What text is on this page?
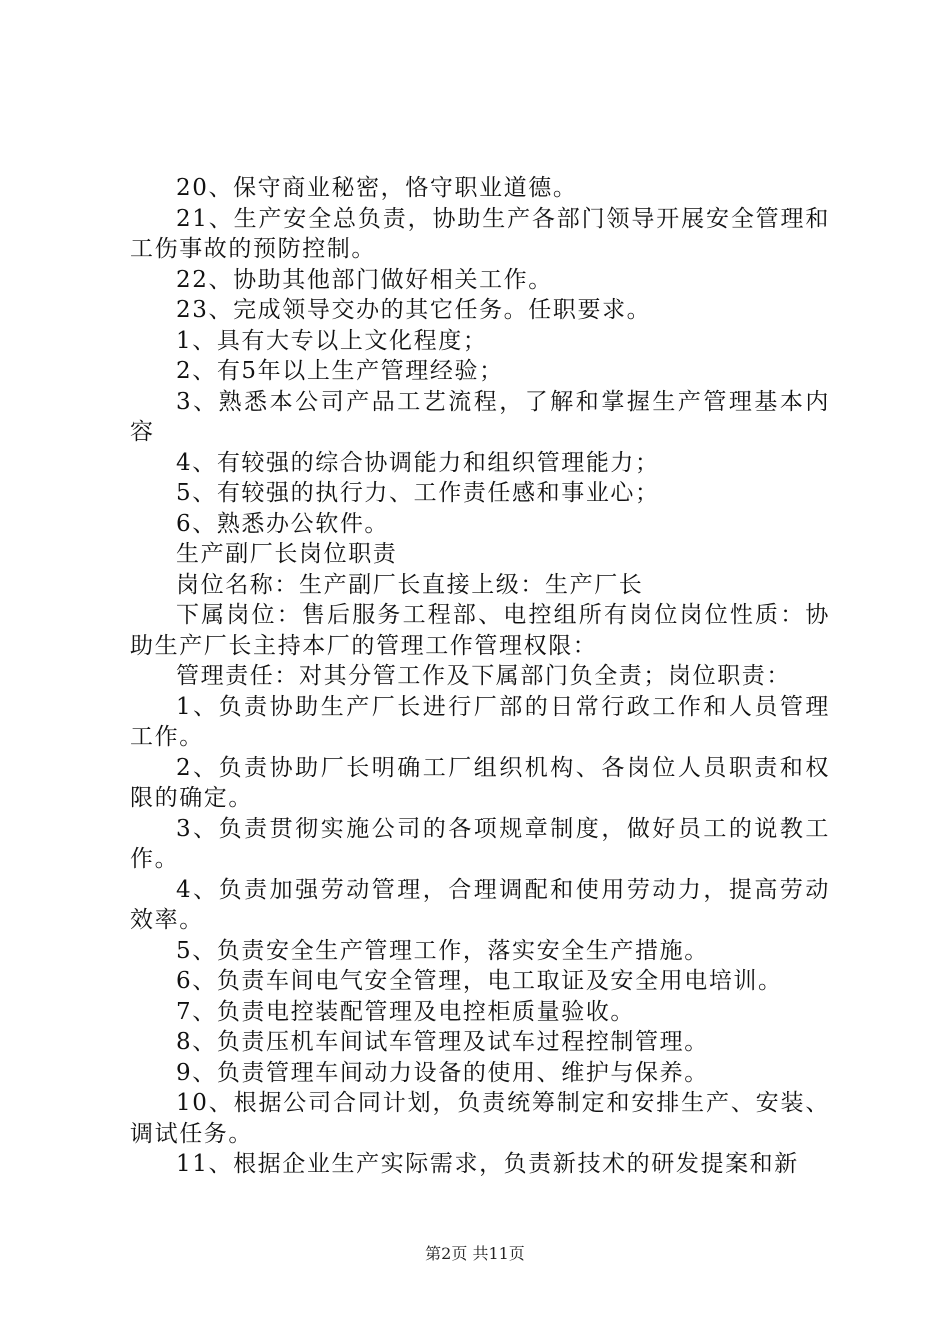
20、保守商业秘密，恪守职业道德。

21、生产安全总负责，协助生产各部门领导开展安全管理和工伤事故的预防控制。

22、协助其他部门做好相关工作。

23、完成领导交办的其它任务。任职要求。

1、具有大专以上文化程度；

2、有5年以上生产管理经验；

3、熟悉本公司产品工艺流程，了解和掌握生产管理基本内容

4、有较强的综合协调能力和组织管理能力；

5、有较强的执行力、工作责任感和事业心；

6、熟悉办公软件。

生产副厂长岗位职责

岗位名称：生产副厂长直接上级：生产厂长

下属岗位：售后服务工程部、电控组所有岗位岗位性质：协助生产厂长主持本厂的管理工作管理权限：

管理责任：对其分管工作及下属部门负全责；岗位职责：

1、负责协助生产厂长进行厂部的日常行政工作和人员管理工作。

2、负责协助厂长明确工厂组织机构、各岗位人员职责和权限的确定。

3、负责贯彻实施公司的各项规章制度，做好员工的说教工作。

4、负责加强劳动管理，合理调配和使用劳动力，提高劳动效率。

5、负责安全生产管理工作，落实安全生产措施。

6、负责车间电气安全管理，电工取证及安全用电培训。

7、负责电控装配管理及电控柜质量验收。

8、负责压机车间试车管理及试车过程控制管理。

9、负责管理车间动力设备的使用、维护与保养。

10、根据公司合同计划，负责统筹制定和安排生产、安装、调试任务。

11、根据企业生产实际需求，负责新技术的研发提案和新

第2页 共11页
